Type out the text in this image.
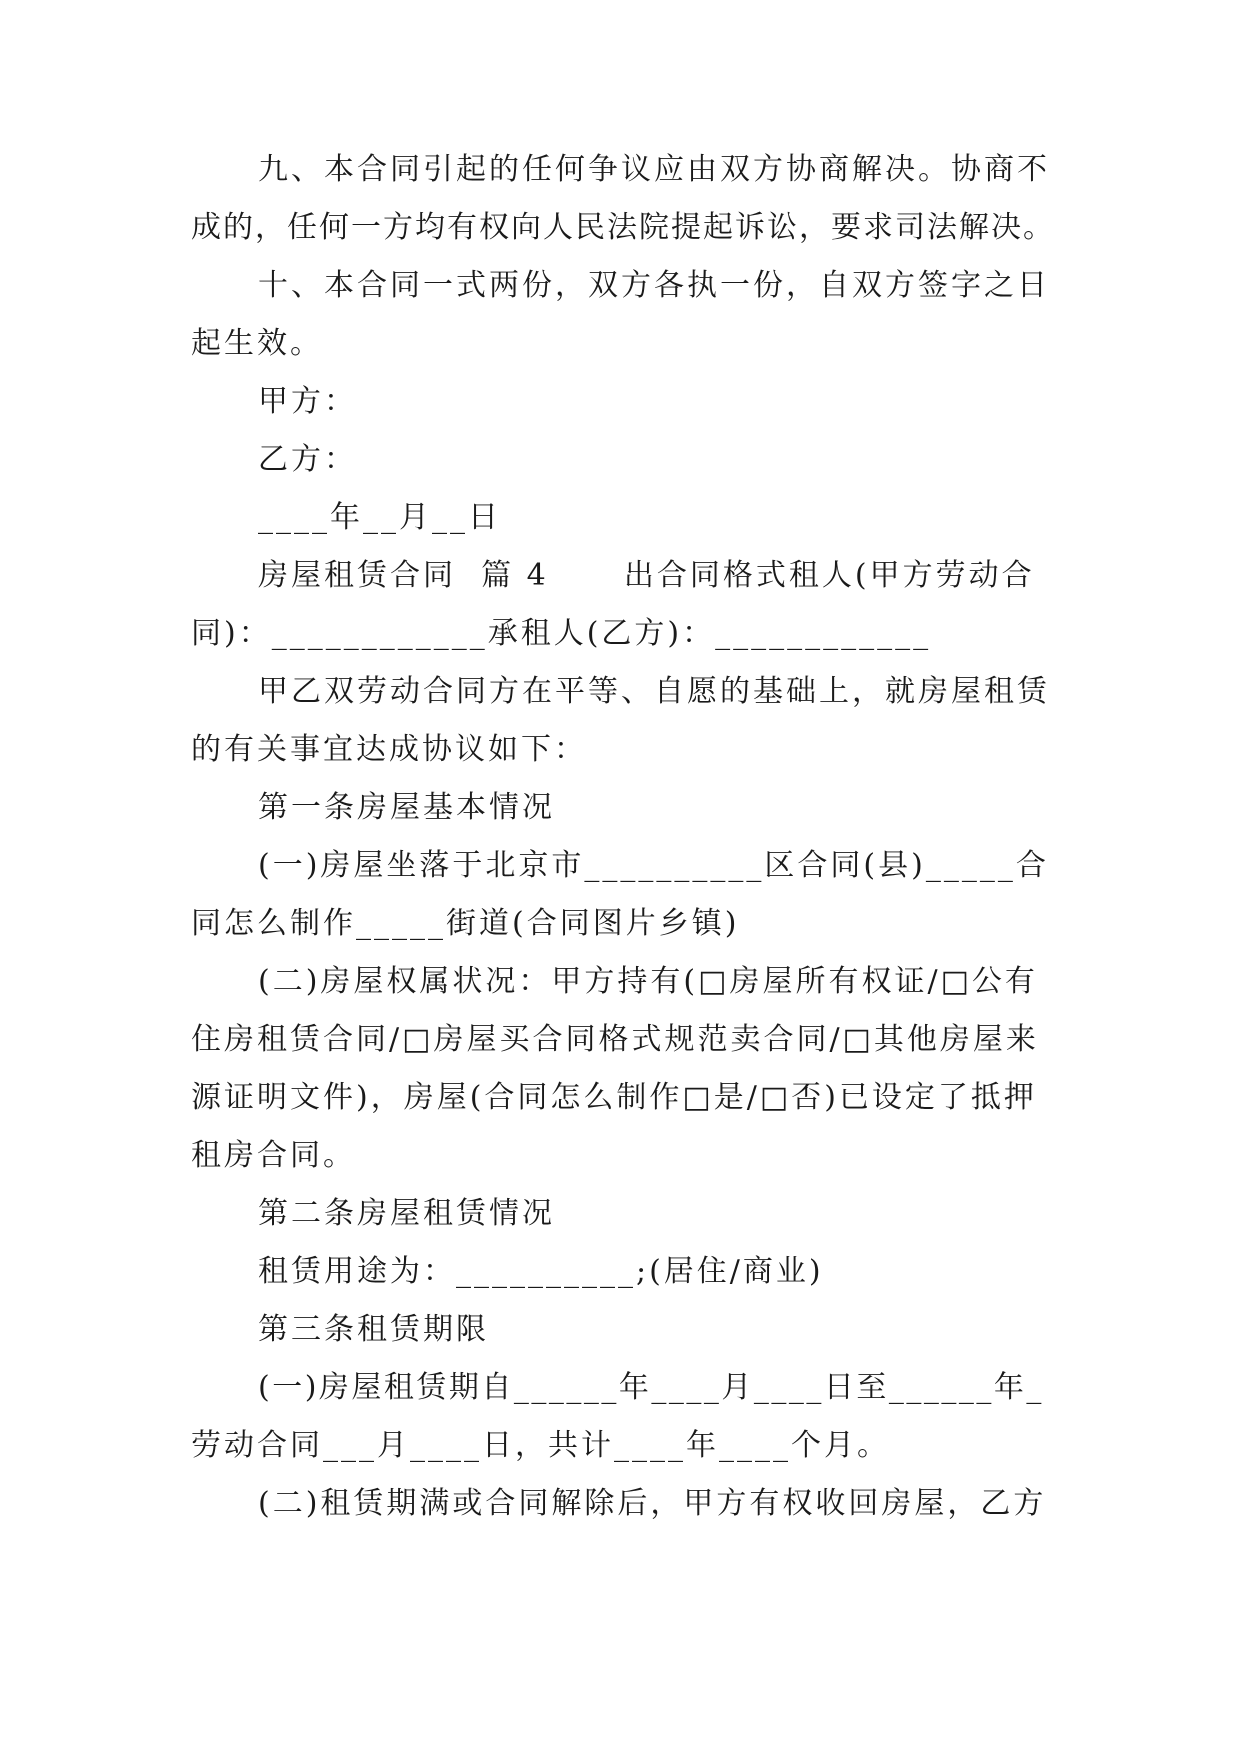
九、本合同引起的任何争议应由双方协商解决。协商不
成的，任何一方均有权向人民法院提起诉讼，要求司法解决。
十、本合同一式两份，双方各执一份，自双方签字之日
起生效。
甲方：
乙方：
____年__月__日
房屋租赁合同  篇 4      出合同格式租人(甲方劳动合
同)：____________承租人(乙方)：____________
甲乙双劳动合同方在平等、自愿的基础上，就房屋租赁
的有关事宜达成协议如下：
第一条房屋基本情况
(一)房屋坐落于北京市__________区合同(县)_____合
同怎么制作_____街道(合同图片乡镇)
(二)房屋权属状况：甲方持有(□房屋所有权证/□公有
住房租赁合同/□房屋买合同格式规范卖合同/□其他房屋来
源证明文件)，房屋(合同怎么制作□是/□否)已设定了抵押
租房合同。
第二条房屋租赁情况
租赁用途为：__________;(居住/商业)
第三条租赁期限
(一)房屋租赁期自______年____月____日至______年_
劳动合同___月____日，共计____年____个月。
(二)租赁期满或合同解除后，甲方有权收回房屋，乙方
